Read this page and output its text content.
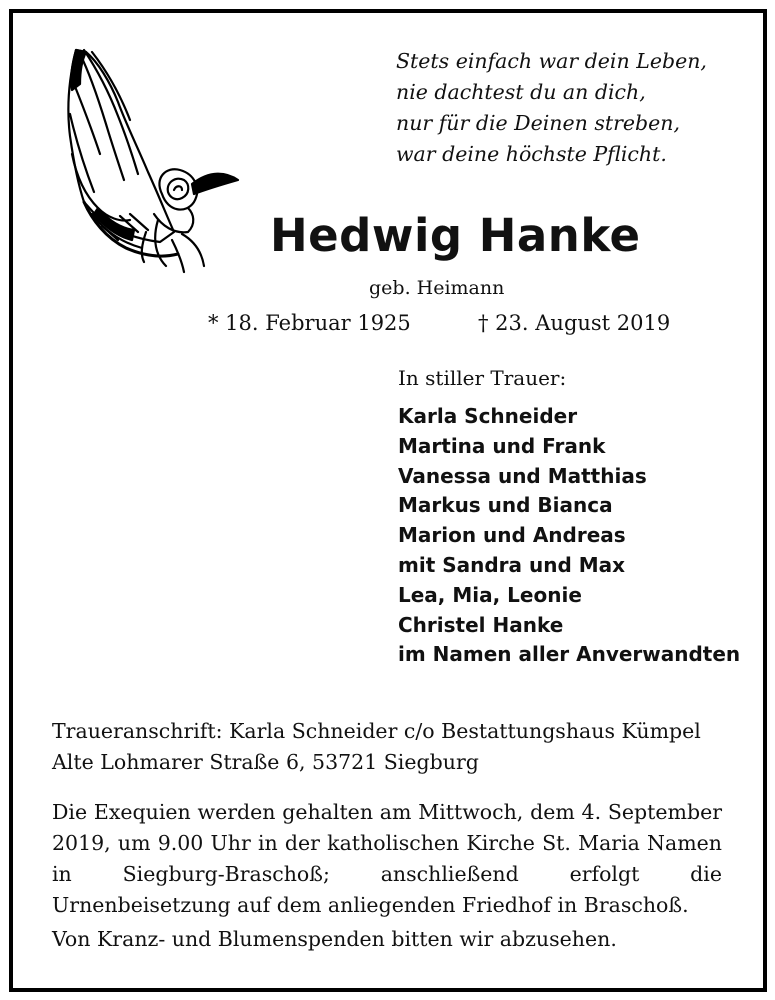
Stets einfach war dein Leben,
nie dachtest du an dich,
nur für die Deinen streben,
war deine höchste Pflicht.
Hedwig Hanke
geb. Heimann
* 18. Februar 1925	† 23. August 2019
In stiller Trauer:
Karla Schneider
Martina und Frank
Vanessa und Matthias
Markus und Bianca
Marion und Andreas
mit Sandra und Max
Lea, Mia, Leonie
Christel Hanke
im Namen aller Anverwandten
Traueranschrift: Karla Schneider c/o Bestattungshaus Kümpel
Alte Lohmarer Straße 6, 53721 Siegburg
Die Exequien werden gehalten am Mittwoch, dem 4. September 2019, um 9.00 Uhr in der katholischen Kirche St. Maria Namen in Siegburg-Braschoß; anschließend erfolgt die Urnenbeisetzung auf dem anliegenden Friedhof in Braschoß.
Von Kranz- und Blumenspenden bitten wir abzusehen.
